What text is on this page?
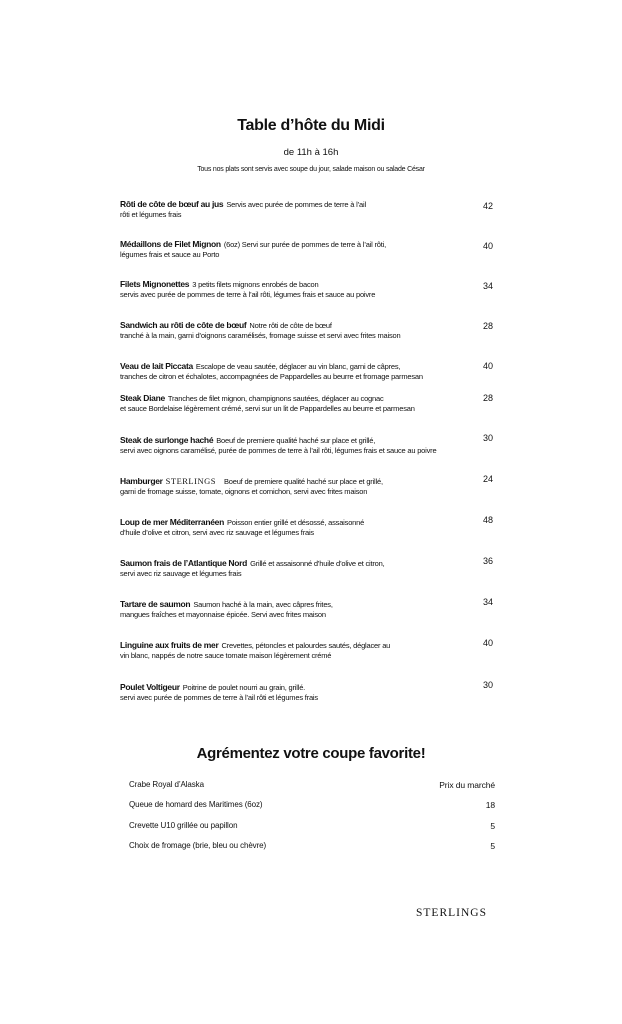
Table d’hôte du Midi
de 11h à 16h
Tous nos plats sont servis avec soupe du jour, salade maison ou salade César
Rôti de côte de bœuf au jus Servis avec purée de pommes de terre à l’ail
rôti et légumes frais
42
Médaillons de Filet Mignon (6oz) Servi sur purée de pommes de terre à l’ail rôti,
légumes frais et sauce au Porto
40
Filets Mignonettes 3 petits filets mignons enrobés de bacon
servis avec purée de pommes de terre à l’ail rôti, légumes frais et sauce au poivre
34
Sandwich au rôti de côte de bœuf Notre rôti de côte de bœuf
tranché à la main, garni d’oignons caramélisés, fromage suisse et servi avec frites maison
28
Veau de lait Piccata Escalope de veau sautée, déglacer au vin blanc, garni de câpres,
tranches de citron et échalotes, accompagnées de Pappardelles au beurre et fromage parmesan
40
Steak Diane Tranches de filet mignon, champignons sautées, déglacer au cognac
et sauce Bordelaise légèrement crémé, servi sur un lit de Pappardelles au beurre et parmesan
28
Steak de surlonge haché Boeuf de premiere qualité haché sur place et grillé,
servi avec oignons caramélisé, purée de pommes de terre à l’ail rôti, légumes frais et sauce au poivre
30
Hamburger STERLINGS Boeuf de premiere qualité haché sur place et grillé,
garni de fromage suisse, tomate, oignons et cornichon, servi avec frites maison
24
Loup de mer Méditerranéen Poisson entier grillé et désossé, assaisonné
d’huile d’olive et citron, servi avec riz sauvage et légumes frais
48
Saumon frais de l’Atlantique Nord Grillé et assaisonné d’huile d’olive et citron,
servi avec riz sauvage et légumes frais
36
Tartare de saumon Saumon haché à la main, avec câpres frites,
mangues fraîches et mayonnaise épicée. Servi avec frites maison
34
Linguine aux fruits de mer Crevettes, pétoncles et palourdes sautés, déglacer au
vin blanc, nappés de notre sauce tomate maison légèrement crémé
40
Poulet Voltigeur Poitrine de poulet nourri au grain, grillé.
servi avec purée de pommes de terre à l’ail rôti et légumes frais
30
Agrémentez votre coupe favorite!
Crabe Royal d’Alaska	Prix du marché
Queue de homard des Maritimes (6oz)	18
Crevette U10 grillée ou papillon	5
Choix de fromage (brie, bleu ou chèvre)	5
STERLINGS
